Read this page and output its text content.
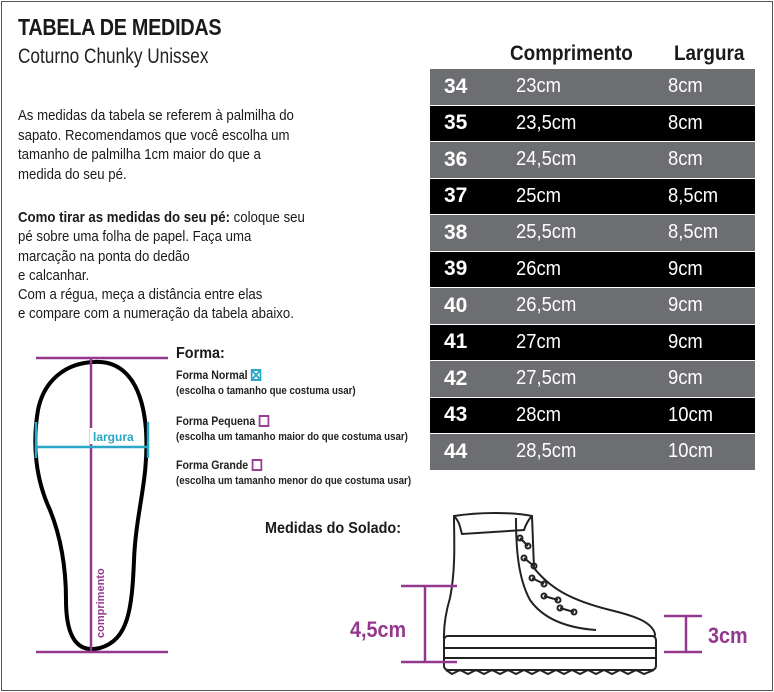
TABELA DE MEDIDAS
Coturno Chunky Unissex
As medidas da tabela se referem à palmilha do
sapato. Recomendamos que você escolha um
tamanho de palmilha 1cm maior do que a
medida do seu pé.
Como tirar as medidas do seu pé: coloque seu
pé sobre uma folha de papel. Faça uma
marcação na ponta do dedão
e calcanhar.
Com a régua, meça a distância entre elas
e compare com a numeração da tabela abaixo.
Comprimento Largura
34	23cm	8cm
35	23,5cm	8cm
36	24,5cm	8cm
37	25cm	8,5cm
38	25,5cm	8,5cm
39	26cm	9cm
40	26,5cm	9cm
41	27cm	9cm
42	27,5cm	9cm
43	28cm	10cm
44	28,5cm	10cm
largura
comprimento
Forma:
Forma Normal
(escolha o tamanho que costuma usar)
Forma Pequena
(escolha um tamanho maior do que costuma usar)
Forma Grande
(escolha um tamanho menor do que costuma usar)
Medidas do Solado:
4,5cm	3cm
